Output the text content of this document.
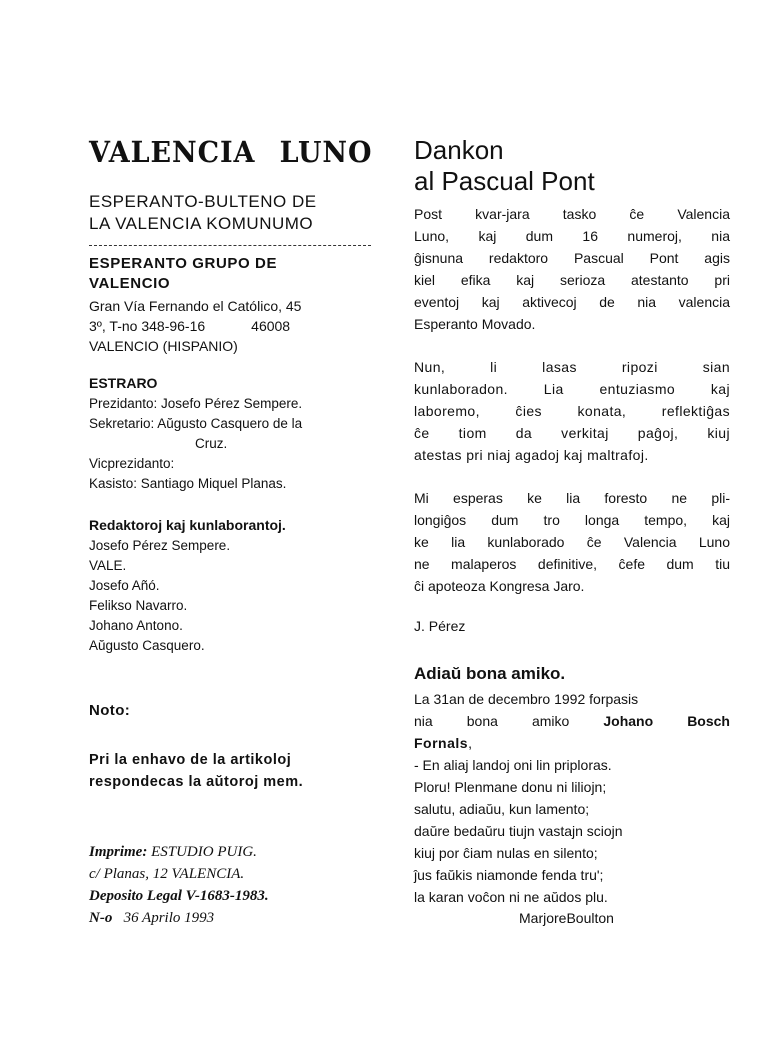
VALENCIA LUNO

ESPERANTO-BULTENO DE
LA VALENCIA KOMUNUMO

ESPERANTO GRUPO DE
VALENCIO

Gran Vía Fernando el Católico, 45

3º, T-no 348-96-16	46008

VALENCIO (HISPANIO)

ESTRARO

Prezidanto: Josefo Pérez Sempere.

Sekretario: Aŭgusto Casquero de la

Cruz.

Vicprezidanto:

Kasisto: Santiago Miquel Planas.

Redaktoroj kaj kunlaborantoj.

Josefo Pérez Sempere.

VALE.

Josefo Añó.

Felikso Navarro.

Johano Antono.

Aŭgusto Casquero.

Noto:

Pri la enhavo de la artikoloj
respondecas la aŭtoroj mem.

Imprime: ESTUDIO PUIG.
c/ Planas, 12 VALENCIA.
Deposito Legal V-1683-1983.
N-o 36 Aprilo 1993
Dankon
al Pascual Pont

Post kvar-jara tasko ĉe Valencia
Luno, kaj dum 16 numeroj, nia
ĝisnuna redaktoro Pascual Pont agis
kiel efika kaj serioza atestanto pri
eventoj kaj aktivecoj de nia valencia
Esperanto Movado.

Nun, li lasas ripozi sian
kunlaboradon. Lia entuziasmo kaj
laboremo, ĉies konata, reflektiĝas
ĉe tiom da verkitaj paĝoj, kiuj
atestas pri niaj agadoj kaj maltrafoj.

Mi esperas ke lia foresto ne pli-
longiĝos dum tro longa tempo, kaj
ke lia kunlaborado ĉe Valencia Luno
ne malaperos definitive, ĉefe dum tiu
ĉi apoteoza Kongresa Jaro.

J. Pérez

Adiaŭ bona amiko.

La 31an de decembro 1992 forpasis
nia bona amiko Johano Bosch
Fornals,
- En aliaj landoj oni lin priploras.
Ploru! Plenmane donu ni liliojn;
salutu, adiaŭu, kun lamento;
daŭre bedaŭru tiujn vastajn sciojn
kiuj por ĉiam nulas en silento;
ĵus faŭkis niamonde fenda tru';
la karan voĉon ni ne aŭdos plu.

MarjoreBoulton
